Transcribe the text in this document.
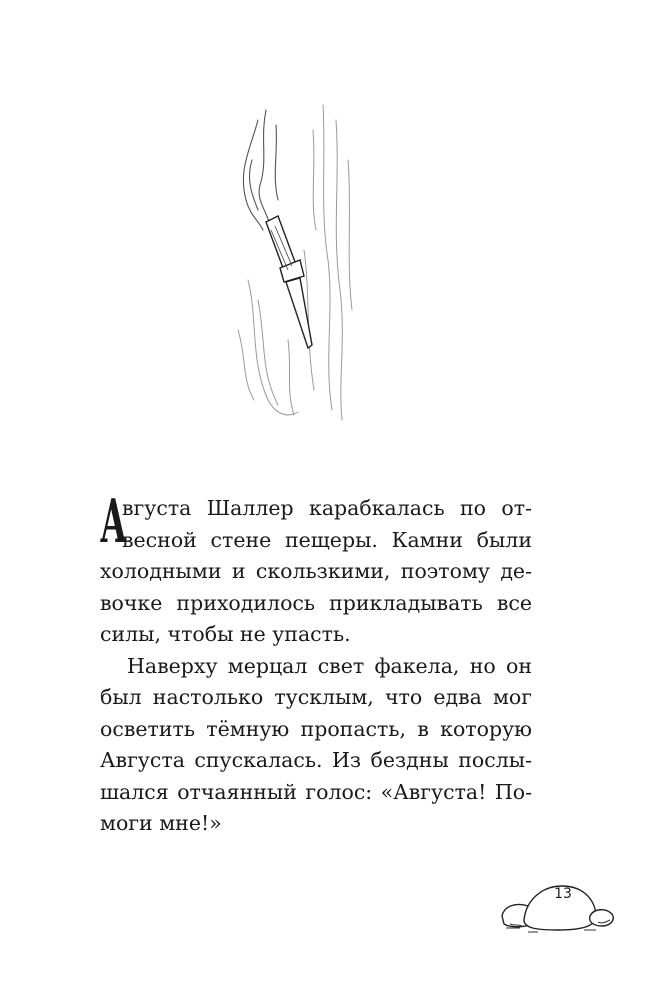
А
вгуста Шаллер карабкалась по от-
весной стене пещеры. Камни были
холодными и скользкими, поэтому де-
вочке приходилось прикладывать все
силы, чтобы не упасть.
Наверху мерцал свет факела, но он
был настолько тусклым, что едва мог
осветить тёмную пропасть, в которую
Августа спускалась. Из бездны послы-
шался отчаянный голос: «Августа! По-
моги мне!»
13
